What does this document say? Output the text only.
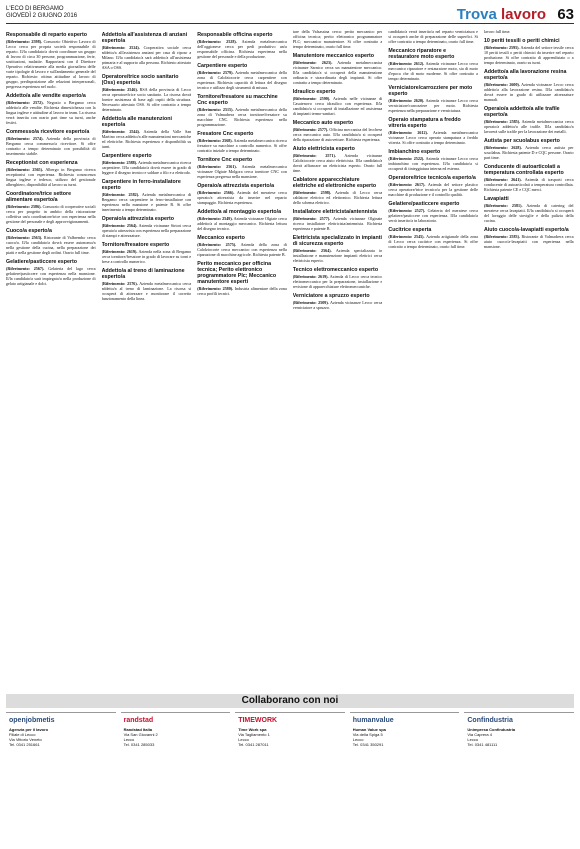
L'ECO DI BERGAMO
GIOVEDÌ 2 GIUGNO 2016	Trova lavoro 63
Responsabile di reparto esperto

(Riferimento: 2598). Consorzio Obiettivo Lavoro di Lecco cerca per propria società responsabile di reparto. Il/la candidato/a dovrà coordinare un gruppo di lavoro di circa 30 persone, programmazione, ferie, sostituzioni, malattie. Rapportarsi con il Direttore Operativo relativamente alla media giornaliera delle varie tipologie di lavoro e sull'andamento generale del reparto. Richiesto: ottima attitudine al lavoro di gruppo, predisposizione alle relazioni interpersonali, pregressa esperienza nel ruolo.

Addetto/a alle vendite esperto/a

(Riferimento: 2572). Negozio a Bergamo cerca addetto/a alle vendite. Richiesta dimestichezza con la lingua inglese e attitudine al lavoro in team. La risorsa verrà inserita con orario part time su turni, anche festivi.

Commesso/a ricevitore esperto/a

(Riferimento: 2574). Azienda della provincia di Bergamo cerca commesso/a ricevitore. Si offre contratto a tempo determinato con possibilità di inserimento stabile.

Receptionist con esperienza

(Riferimento: 2565). Albergo in Bergamo ricerca receptionist con esperienza. Richiesta conoscenza lingua inglese e tedesco, utilizzo del gestionale alberghiero, disponibilità al lavoro su turni.

Coordinatore/trice settore alimentare esperto/a

(Riferimento: 2586). Consorzio di cooperative sociali cerca per progetto in ambito della ristorazione collettiva un/a coordinatore/trice con esperienza nella gestione del personale e degli approvvigionamenti.

Cuoco/a esperto/a

(Riferimento: 2563). Ristorante di Valbrembo cerca cuoco/a. Il/la candidato/a dovrà essere autonomo/a nella gestione della cucina, nella preparazione dei piatti e nella gestione degli ordini. Orario full time.

Gelatiere/pasticcere esperto

(Riferimento: 2567). Gelateria del lago cerca gelatiere/pasticcere con esperienza nella mansione. Il/la candidato/a sarà impiegato/a nella produzione di gelato artigianale e dolci.

Addetto/a all'assistenza di anziani esperto/a

(Riferimento: 2524). Cooperativa sociale cerca addetto/a all'assistenza anziani per casa di riposo a Milano. Il/la candidato/a sarà addetto/a all'assistenza primaria e al supporto alla persona. Richiesto attestato ASA o OSS.

Operatore/trice socio sanitario (Oss) esperto/a

(Riferimento: 2546). RSA della provincia di Lecco cerca operatore/trice socio sanitario. La risorsa dovrà fornire assistenza di base agli ospiti della struttura. Necessario attestato OSS. Si offre contratto a tempo determinato.

Addetto/a alle manutenzioni esperto/a

(Riferimento: 2544). Azienda della Valle San Martino cerca addetto/a alle manutenzioni meccaniche ed elettriche. Richiesta esperienza e disponibilità su turni.

Carpentiere esperto

(Riferimento: 2588). Azienda metalmeccanica ricerca carpentiere. Il/la candidato/a dovrà essere in grado di leggere il disegno tecnico e saldare a filo e a elettrodo.

Carpentiere in ferro-installatore esperto

(Riferimento: 2582). Azienda metalmeccanica di Bergamo cerca carpentiere in ferro-installatore con esperienza nella mansione e patente B. Si offre inserimento a tempo determinato.

Operaio/a attrezzista esperto

(Riferimento: 2564). Azienda vicinanze Sirtori cerca operaio/a attrezzista con esperienza nella preparazione di stampi e attrezzature.

Tornitore/fresatore esperto

(Riferimento: 2619). Azienda nella zona di Bergamo cerca tornitore/fresatore in grado di lavorare su torni e frese a controllo numerico.

Addetto/a al treno di laminazione esperto/a

(Riferimento: 2576). Azienda metalmeccanica cerca addetto/a al treno di laminazione. La risorsa si occuperà di attrezzare e monitorare il corretto funzionamento della linea.

Responsabile officina esperto

(Riferimento: 2528). Azienda metalmeccanica dell'oggionese cerca per pedi produttivo un/a responsabile officina. Richiesta esperienza nella gestione del personale e della produzione.

Carpentiere esperto

(Riferimento: 2579). Azienda metalmeccanica della zona di Calolziocorte cerca carpentiere con esperienza. Richiesta capacità di lettura del disegno tecnico e utilizzo degli strumenti di misura.

Tornitore/fresatore su macchine Cnc esperto

(Riferimento: 2515). Azienda metalmeccanica della zona di Valmadrera cerca tornitore/fresatore su macchine CNC. Richiesta esperienza nella programmazione.

Fresatore Cnc esperto

(Riferimento: 2568). Azienda metalmeccanica ricerca fresatore su macchine a controllo numerico. Si offre contratto iniziale a tempo determinato.

Tornitore Cnc esperto

(Riferimento: 2561). Azienda metalmeccanica vicinanze Olgiate Molgora cerca tornitore CNC con esperienza pregressa nella mansione.

Operaio/a attrezzista esperto/a

(Riferimento: 2566). Azienda del meratese cerca operaio/a attrezzista da inserire nel reparto stampaggio. Richiesta esperienza.

Addetto/a al montaggio esperto/a

(Riferimento: 2549). Azienda vicinanze Olgiate cerca addetto/a al montaggio meccanico. Richiesta lettura del disegno tecnico.

Meccanico esperto

(Riferimento: 2575). Azienda della zona di Calolziocorte cerca meccanico con esperienza nella riparazione di macchine agricole. Richiesta patente B.

Perito meccanico per officina tecnica; Perito elettronico programmatore Plc; Meccanico manutentore esperti

(Riferimento: 2580). Industria alimentare della zona cerca profili tecnici.

tare della Valsassina cerca: perito meccanico per officina tecnica; perito elettronico programmatore PLC; meccanico manutentore. Si offre contratto a tempo determinato, orario full time.

Manutentore meccanico esperto

(Riferimento: 2623). Azienda metalmeccanica vicinanze Sarnico cerca un manutentore meccanico. Il/la candidato/a si occuperà della manutenzione ordinaria e straordinaria degli impianti. Si offre contratto a tempo determinato.

Idraulico esperto

(Riferimento: 2590). Azienda nelle vicinanze di Casatenovo cerca idraulico con esperienza. Il/la candidato/a si occuperà di installazione ed assistenza di impianti termo-sanitari.

Meccanico auto esperto

(Riferimento: 2577). Officina meccanica del lecchese cerca meccanico auto. Il/la candidato/a si occuperà della riparazione di autovetture. Richiesta esperienza.

Aiuto elettricista esperto

(Riferimento: 2571). Azienda vicinanze Calolziocorte cerca aiuto elettricista. Il/la candidato/a dovrà affiancare un elettricista esperto. Orario full time.

Cablatore apparecchiature elettriche ed elettroniche esperto

(Riferimento: 2598). Azienda di Lecco cerca cablatore elettrico ed elettronico. Richiesta lettura dello schema elettrico.

Installatore elettricista/antennista

(Riferimento: 2577). Azienda vicinanze Olginate ricerca installatore elettricista/antennista. Richiesta esperienza e patente B.

Elettricista specializzato in impianti di sicurezza esperto

(Riferimento: 2564). Azienda specializzata in installazione e manutenzione impianti elettrici cerca elettricista esperto.

Tecnico elettromeccanico esperto

(Riferimento: 2619). Azienda di Lecco cerca tecnico elettromeccanico per la preparazione, installazione e revisione di apparecchiature elettromeccaniche.

Verniciatore a spruzzo esperto

(Riferimento: 2509). Azienda vicinanze Lecco cerca verniciatore a spruzzo.

candidato/a verrà inserito/a nel reparto verniciatura e si occuperà anche di preparazione delle superfici. Si offre contratto a tempo determinato, orario full time.

Meccanico riparatore e restauratore moto esperto

(Riferimento: 2612). Azienda vicinanze Lecco cerca meccanico riparatore e restauratore moto, sia di moto d'epoca che di moto moderne. Si offre contratto a tempo determinato.

Verniciatore/carrozziere per moto esperto

(Riferimento: 2620). Azienda vicinanze Lecco cerca verniciatore/carrozziere per moto. Richiesta esperienza nella preparazione e verniciatura.

Operaio stampatura a freddo vitreria esperto

(Riferimento: 2612). Azienda metalmeccanica vicinanze Lecco cerca operaio stampatura a freddo vitreria. Si offre contratto a tempo determinato.

Imbianchino esperto

(Riferimento: 2522). Azienda vicinanze Lecco cerca imbianchino con esperienza. Il/la candidato/a si occuperà di tinteggiatura interna ed esterna.

Operatore/trice tecnico/a esperto/a

(Riferimento: 2617). Azienda del settore plastico cerca operatore/trice tecnico/a per la gestione delle macchine di produzione e il controllo qualità.

Gelatiere/pasticcere esperto

(Riferimento: 2527). Gelateria del meratese cerca gelatiere/pasticcere con esperienza. Il/la candidato/a verrà inserito/a in laboratorio.

Cucitrice esperta

(Riferimento: 2545). Azienda artigianale della zona di Lecco cerca cucitrice con esperienza. Si offre contratto a tempo determinato, orario full time.

lavoro full time.

10 periti tessili o periti chimici

(Riferimento: 2595). Azienda del settore tessile cerca 10 periti tessili o periti chimici da inserire nel reparto produzione. Si offre contratto di apprendistato o a tempo determinato, orario su turni.

Addetto/a alla lavorazione resina esperto/a

(Riferimento: 2600). Azienda vicinanze Lecco cerca addetto/a alla lavorazione resina. Il/la candidato/a dovrà essere in grado di utilizzare attrezzature manuali.

Operaio/a addetto/a alle trafile esperto/a

(Riferimento: 2585). Azienda metalmeccanica cerca operaio/a addetto/a alle trafile. Il/la candidato/a lavorerà sulle trafile per la lavorazione dei metalli.

Autista per scuolabus esperto

(Riferimento: 2628). Azienda cerca autista per scuolabus. Richiesta patente D e CQC persone. Orario part time.

Conducente di autoarticolati a temperatura controllata esperto

(Riferimento: 2641). Azienda di trasporti cerca conducente di autoarticolati a temperatura controllata. Richiesta patente CE e CQC merci.

Lavapiatti

(Riferimento: 2581). Azienda di catering del meratese cerca lavapiatti. Il/la candidato/a si occuperà del lavaggio delle stoviglie e della pulizia della cucina.

Aiuto cuoco/a-lavapiatti esperto/a

(Riferimento: 2583). Ristorante di Valmadrera cerca aiuto cuoco/a-lavapiatti con esperienza nella mansione.

Collaborano con noi
openjobmetis
Agenzia per il lavoro
Filiale di Lecco
Via Vittorio Veneto
Tel. 0341 251661
randstad
Randstad Italia
Via San Giovanni 2
Lecco
Tel. 0341 285033
TIMEWORK
Time Work spa
Via Tagliamento 1
Lecco
Tel. 0341 287011
humanvalue
Human Value spa
Via della Spiga 5
Lecco
Tel. 0341 350291
Confindustria
Unimpresa Confindustria
Via Caprera 4
Lecco
Tel. 0341 481111
